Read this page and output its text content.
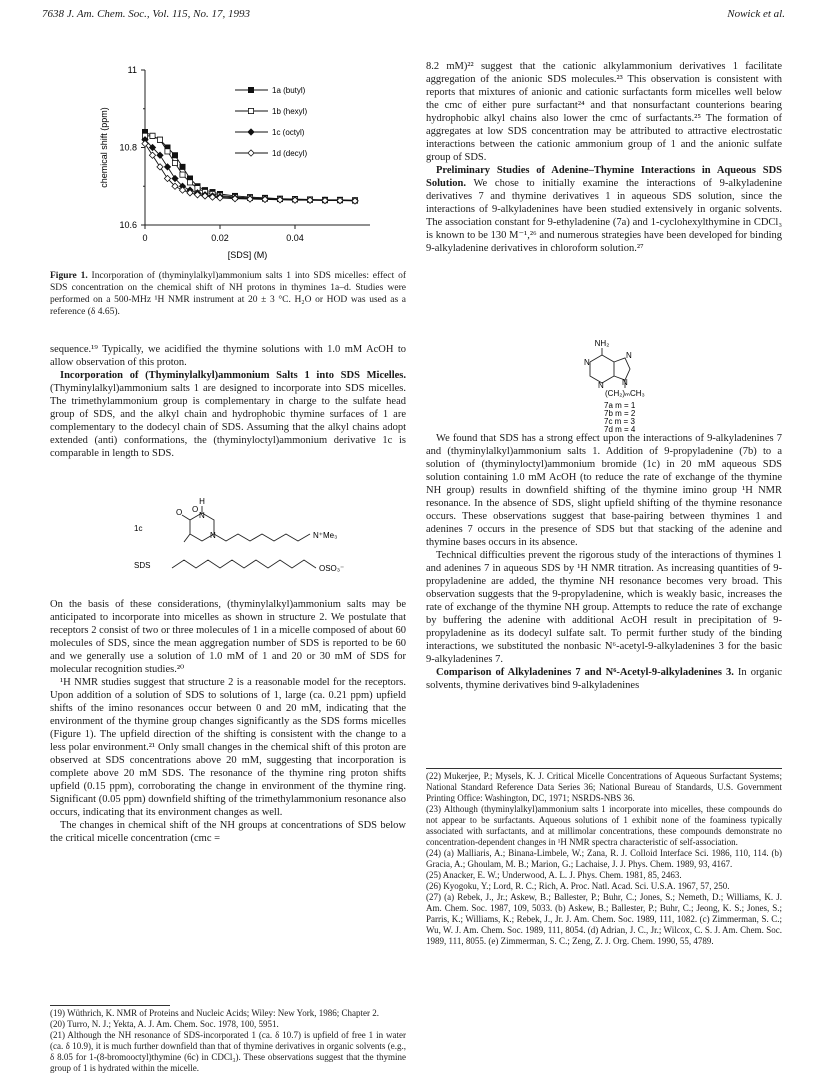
7638 J. Am. Chem. Soc., Vol. 115, No. 17, 1993	Nowick et al.
10.6
10.8
11
0	0.02	0.04
[SDS] (M)
chemical shift (ppm)
1a (butyl)
1b (hexyl)
1c (octyl)
1d (decyl)
Figure 1. Incorporation of (thyminylalkyl)ammonium salts 1 into SDS micelles: effect of SDS concentration on the chemical shift of NH protons in thymines 1a–d. Studies were performed on a 500-MHz ¹H NMR instrument at 20 ± 3 °C. H₂O or HOD was used as a reference (δ 4.65).

sequence.¹⁹ Typically, we acidified the thymine solutions with 1.0 mM AcOH to allow observation of this proton.

Incorporation of (Thyminylalkyl)ammonium Salts 1 into SDS Micelles. (Thyminylalkyl)ammonium salts 1 are designed to incorporate into SDS micelles. The trimethylammonium group is complementary in charge to the sulfate head group of SDS, and the alkyl chain and hydrophobic thymine surfaces of 1 are complementary to the dodecyl chain of SDS. Assuming that the alkyl chains adopt extended (anti) conformations, the (thyminyloctyl)ammonium derivative 1c is comparable in length to SDS.

H
O N
O
N
1c
N⁺Me₃
SDS	OSO₃⁻

On the basis of these considerations, (thyminylalkyl)ammonium salts may be anticipated to incorporate into micelles as shown in structure 2. We postulate that receptors 2 consist of two or three molecules of 1 in a micelle composed of about 60 molecules of SDS, since the mean aggregation number of SDS is reported to be 60 and we generally use a solution of 1.0 mM of 1 and 20 or 30 mM of SDS for molecular recognition studies.²⁰

¹H NMR studies suggest that structure 2 is a reasonable model for the receptors. Upon addition of a solution of SDS to solutions of 1, large (ca. 0.21 ppm) upfield shifts of the imino resonances occur between 0 and 20 mM, indicating that the environment of the thymine group changes significantly as the SDS forms micelles (Figure 1). The upfield direction of the shifting is consistent with the change to a less polar environment.²¹ Only small changes in the chemical shift of this proton are observed at SDS concentrations above 20 mM, suggesting that incorporation is complete above 20 mM SDS. The resonance of the thymine ring proton shifts upfield (0.15 ppm), corroborating the change in environment of the thymine ring. Significant (0.05 ppm) downfield shifting of the trimethylammonium resonance also occurs, indicating that its environment changes as well.

The changes in chemical shift of the NH groups at concentrations of SDS below the critical micelle concentration (cmc =

(19) Wüthrich, K. NMR of Proteins and Nucleic Acids; Wiley: New York, 1986; Chapter 2.
(20) Turro, N. J.; Yekta, A. J. Am. Chem. Soc. 1978, 100, 5951.
(21) Although the NH resonance of SDS-incorporated 1 (ca. δ 10.7) is upfield of free 1 in water (ca. δ 10.9), it is much further downfield than that of thymine derivatives in organic solvents (e.g., δ 8.05 for 1-(8-bromooctyl)thymine (6c) in CDCl₃). These observations suggest that the thymine group of 1 is hydrated within the micelle.

8.2 mM)²² suggest that the cationic alkylammonium derivatives 1 facilitate aggregation of the anionic SDS molecules.²³ This observation is consistent with reports that mixtures of anionic and cationic surfactants form micelles well below the cmc of either pure surfactant²⁴ and that nonsurfactant counterions bearing hydrophobic alkyl chains also lower the cmc of surfactants.²⁵ The formation of aggregates at low SDS concentration may be attributed to attractive electrostatic interactions between the cationic ammonium group of 1 and the anionic sulfate group of SDS.

Preliminary Studies of Adenine–Thymine Interactions in Aqueous SDS Solution. We chose to initially examine the interactions of 9-alkyladenine derivatives 7 and thymine derivatives 1 in aqueous SDS solution, since the interactions of 9-alkyladenines have been studied extensively in organic solvents. The association constant for 9-ethyladenine (7a) and 1-cyclohexylthymine in CDCl₃ is known to be 130 M⁻¹,²⁶ and numerous strategies have been developed for binding 9-alkyladenine derivatives in chloroform solution.²⁷

NH₂
N
N
N
N
(CH₂)ₘCH₃
7a m = 1
7b m = 2
7c m = 3
7d m = 4

We found that SDS has a strong effect upon the interactions of 9-alkyladenines 7 and (thyminylalkyl)ammonium salts 1. Addition of 9-propyladenine (7b) to a solution of (thyminyloctyl)ammonium bromide (1c) in 20 mM aqueous SDS solution containing 1.0 mM AcOH (to reduce the rate of exchange of the thymine NH group) results in downfield shifting of the thymine imino group ¹H NMR resonance. In the absence of SDS, slight upfield shifting of the thymine resonance occurs. These observations suggest that base-pairing between thymines 1 and adenines 7 occurs in the presence of SDS but that stacking of the adenine and thymine bases occurs in its absence.

Technical difficulties prevent the rigorous study of the interactions of thymines 1 and adenines 7 in aqueous SDS by ¹H NMR titration. As increasing quantities of 9-propyladenine are added, the thymine NH resonance becomes very broad. This observation suggests that the 9-propyladenine, which is weakly basic, increases the rate of exchange of the thymine NH group. Attempts to reduce the rate of exchange by buffering the adenine with additional AcOH result in precipitation of 9-propyladenine as its dodecyl sulfate salt. To permit further study of the binding interactions, we substituted the nonbasic N⁶-acetyl-9-alkyladenines 3 for the basic 9-alkyladenines 7.

Comparison of Alkyladenines 7 and N⁶-Acetyl-9-alkyladenines 3. In organic solvents, thymine derivatives bind 9-alkyladenines

(22) Mukerjee, P.; Mysels, K. J. Critical Micelle Concentrations of Aqueous Surfactant Systems; National Standard Reference Data Series 36; National Bureau of Standards, U.S. Government Printing Office: Washington, DC, 1971; NSRDS-NBS 36.
(23) Although (thyminylalkyl)ammonium salts 1 incorporate into micelles, these compounds do not appear to be surfactants. Aqueous solutions of 1 exhibit none of the foaminess typically associated with surfactants, and at millimolar concentrations, these compounds demonstrate no concentration-dependent changes in ¹H NMR spectra characteristic of self-association.
(24) (a) Malliaris, A.; Binana-Limbele, W.; Zana, R. J. Colloid Interface Sci. 1986, 110, 114. (b) Gracia, A.; Ghoulam, M. B.; Marion, G.; Lachaise, J. J. Phys. Chem. 1989, 93, 4167.
(25) Anacker, E. W.; Underwood, A. L. J. Phys. Chem. 1981, 85, 2463.
(26) Kyogoku, Y.; Lord, R. C.; Rich, A. Proc. Natl. Acad. Sci. U.S.A. 1967, 57, 250.
(27) (a) Rebek, J., Jr.; Askew, B.; Ballester, P.; Buhr, C.; Jones, S.; Nemeth, D.; Williams, K. J. Am. Chem. Soc. 1987, 109, 5033. (b) Askew, B.; Ballester, P.; Buhr, C.; Jeong, K. S.; Jones, S.; Parris, K.; Williams, K.; Rebek, J., Jr. J. Am. Chem. Soc. 1989, 111, 1082. (c) Zimmerman, S. C.; Wu, W. J. Am. Chem. Soc. 1989, 111, 8054. (d) Adrian, J. C., Jr.; Wilcox, C. S. J. Am. Chem. Soc. 1989, 111, 8055. (e) Zimmerman, S. C.; Zeng, Z. J. Org. Chem. 1990, 55, 4789.
